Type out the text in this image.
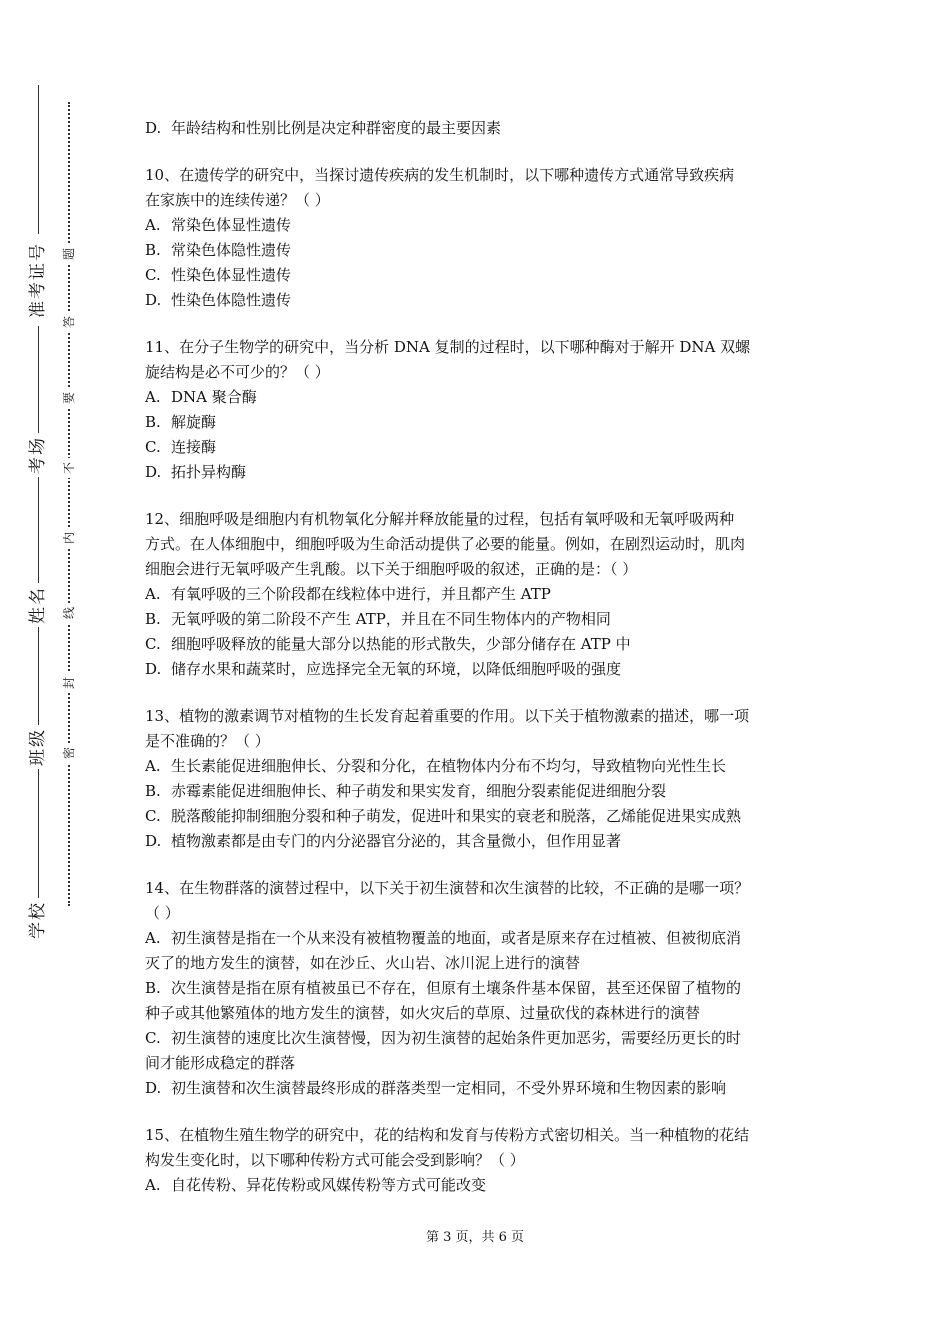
准考证号
考场
姓名
班级
学校
题
答
要
不
内
线
封
密
D. 年龄结构和性别比例是决定种群密度的最主要因素
10、在遗传学的研究中，当探讨遗传疾病的发生机制时，以下哪种遗传方式通常导致疾病
在家族中的连续传递？（ ）
A. 常染色体显性遗传
B. 常染色体隐性遗传
C. 性染色体显性遗传
D. 性染色体隐性遗传
11、在分子生物学的研究中，当分析 DNA 复制的过程时，以下哪种酶对于解开 DNA 双螺
旋结构是必不可少的？（ ）
A. DNA 聚合酶
B. 解旋酶
C. 连接酶
D. 拓扑异构酶
12、细胞呼吸是细胞内有机物氧化分解并释放能量的过程，包括有氧呼吸和无氧呼吸两种
方式。在人体细胞中，细胞呼吸为生命活动提供了必要的能量。例如，在剧烈运动时，肌肉
细胞会进行无氧呼吸产生乳酸。以下关于细胞呼吸的叙述，正确的是：（ ）
A. 有氧呼吸的三个阶段都在线粒体中进行，并且都产生 ATP
B. 无氧呼吸的第二阶段不产生 ATP，并且在不同生物体内的产物相同
C. 细胞呼吸释放的能量大部分以热能的形式散失，少部分储存在 ATP 中
D. 储存水果和蔬菜时，应选择完全无氧的环境，以降低细胞呼吸的强度
13、植物的激素调节对植物的生长发育起着重要的作用。以下关于植物激素的描述，哪一项
是不准确的？（ ）
A. 生长素能促进细胞伸长、分裂和分化，在植物体内分布不均匀，导致植物向光性生长
B. 赤霉素能促进细胞伸长、种子萌发和果实发育，细胞分裂素能促进细胞分裂
C. 脱落酸能抑制细胞分裂和种子萌发，促进叶和果实的衰老和脱落，乙烯能促进果实成熟
D. 植物激素都是由专门的内分泌器官分泌的，其含量微小，但作用显著
14、在生物群落的演替过程中，以下关于初生演替和次生演替的比较，不正确的是哪一项？
（ ）
A. 初生演替是指在一个从来没有被植物覆盖的地面，或者是原来存在过植被、但被彻底消
灭了的地方发生的演替，如在沙丘、火山岩、冰川泥上进行的演替
B. 次生演替是指在原有植被虽已不存在，但原有土壤条件基本保留，甚至还保留了植物的
种子或其他繁殖体的地方发生的演替，如火灾后的草原、过量砍伐的森林进行的演替
C. 初生演替的速度比次生演替慢，因为初生演替的起始条件更加恶劣，需要经历更长的时
间才能形成稳定的群落
D. 初生演替和次生演替最终形成的群落类型一定相同，不受外界环境和生物因素的影响
15、在植物生殖生物学的研究中，花的结构和发育与传粉方式密切相关。当一种植物的花结
构发生变化时，以下哪种传粉方式可能会受到影响？（ ）
A. 自花传粉、异花传粉或风媒传粉等方式可能改变
第 3 页，共 6 页
